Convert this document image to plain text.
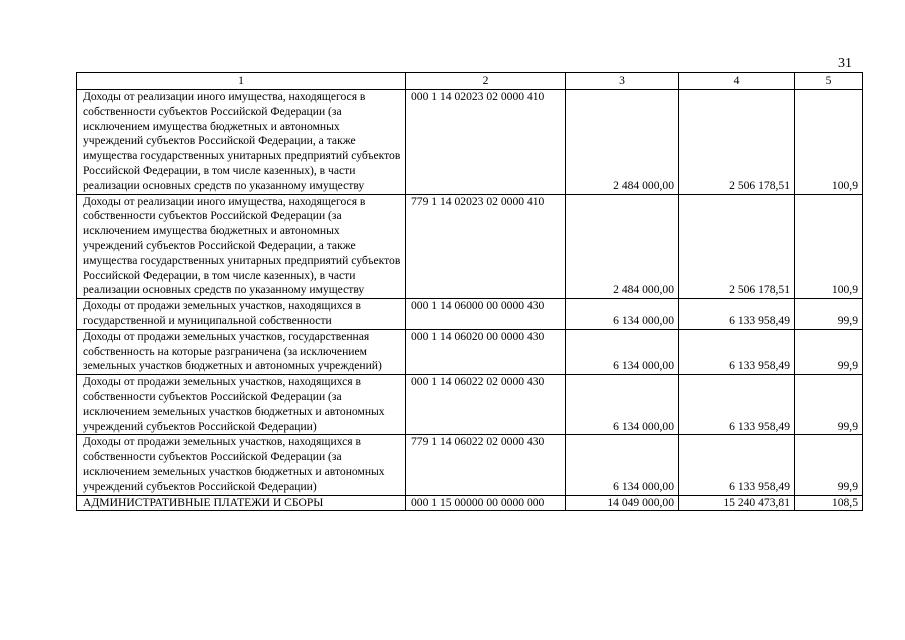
31
1	2	3	4	5
Доходы от реализации иного имущества, находящегося в собственности субъектов Российской Федерации (за исключением имущества бюджетных и автономных учреждений субъектов Российской Федерации, а также имущества государственных унитарных предприятий субъектов Российской Федерации, в том числе казенных), в части реализации основных средств по указанному имуществу	000 1 14 02023 02 0000 410	2 484 000,00	2 506 178,51	100,9
Доходы от реализации иного имущества, находящегося в собственности субъектов Российской Федерации (за исключением имущества бюджетных и автономных учреждений субъектов Российской Федерации, а также имущества государственных унитарных предприятий субъектов Российской Федерации, в том числе казенных), в части реализации основных средств по указанному имуществу	779 1 14 02023 02 0000 410	2 484 000,00	2 506 178,51	100,9
Доходы от продажи земельных участков, находящихся в государственной и муниципальной собственности	000 1 14 06000 00 0000 430	6 134 000,00	6 133 958,49	99,9
Доходы от продажи земельных участков, государственная собственность на которые разграничена (за исключением земельных участков бюджетных и автономных учреждений)	000 1 14 06020 00 0000 430	6 134 000,00	6 133 958,49	99,9
Доходы от продажи земельных участков, находящихся в собственности субъектов Российской Федерации (за исключением земельных участков бюджетных и автономных учреждений субъектов Российской Федерации)	000 1 14 06022 02 0000 430	6 134 000,00	6 133 958,49	99,9
Доходы от продажи земельных участков, находящихся в собственности субъектов Российской Федерации (за исключением земельных участков бюджетных и автономных учреждений субъектов Российской Федерации)	779 1 14 06022 02 0000 430	6 134 000,00	6 133 958,49	99,9
АДМИНИСТРАТИВНЫЕ ПЛАТЕЖИ И СБОРЫ	000 1 15 00000 00 0000 000	14 049 000,00	15 240 473,81	108,5
